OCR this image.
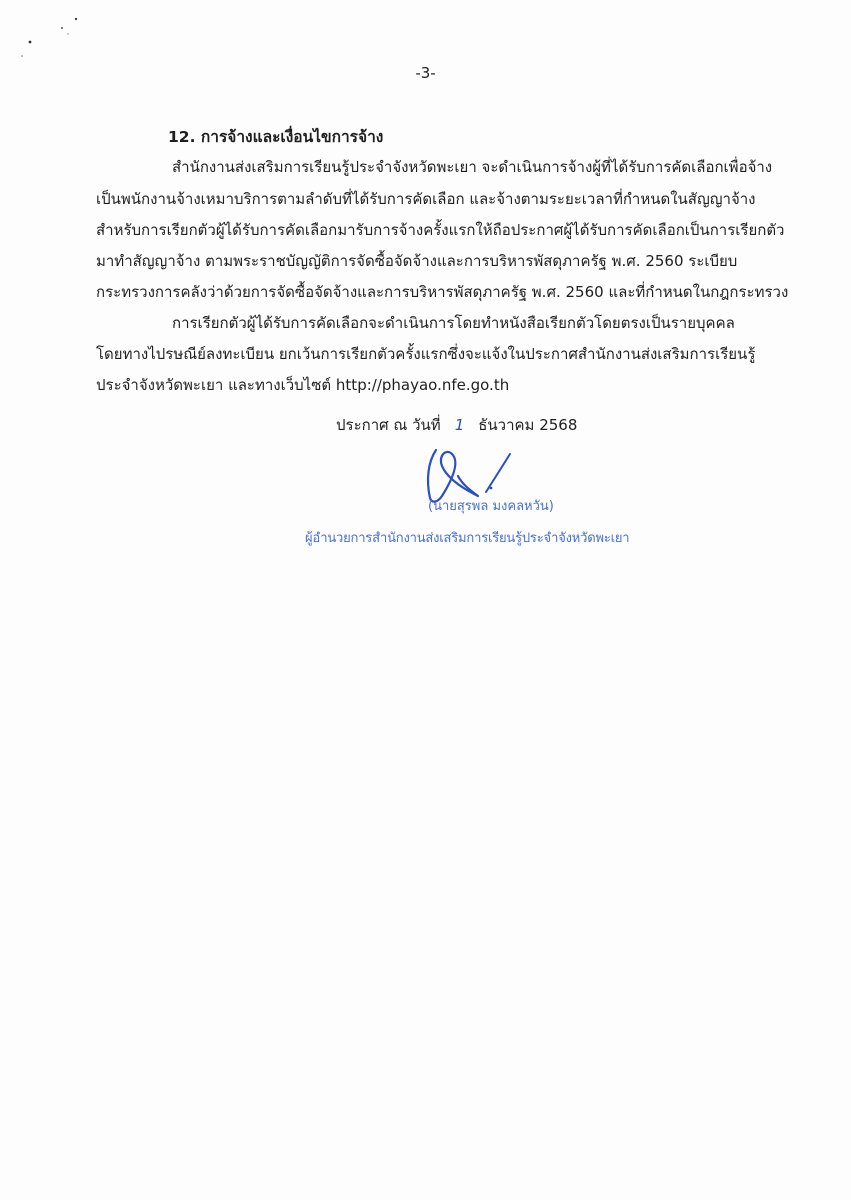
-3-
12. การจ้างและเงื่อนไขการจ้าง
สำนักงานส่งเสริมการเรียนรู้ประจำจังหวัดพะเยา จะดำเนินการจ้างผู้ที่ได้รับการคัดเลือกเพื่อจ้าง
เป็นพนักงานจ้างเหมาบริการตามลำดับที่ได้รับการคัดเลือก และจ้างตามระยะเวลาที่กำหนดในสัญญาจ้าง
สำหรับการเรียกตัวผู้ได้รับการคัดเลือกมารับการจ้างครั้งแรกให้ถือประกาศผู้ได้รับการคัดเลือกเป็นการเรียกตัว
มาทำสัญญาจ้าง ตามพระราชบัญญัติการจัดซื้อจัดจ้างและการบริหารพัสดุภาครัฐ พ.ศ. 2560 ระเบียบ
กระทรวงการคลังว่าด้วยการจัดซื้อจัดจ้างและการบริหารพัสดุภาครัฐ พ.ศ. 2560 และที่กำหนดในกฎกระทรวง
การเรียกตัวผู้ได้รับการคัดเลือกจะดำเนินการโดยทำหนังสือเรียกตัวโดยตรงเป็นรายบุคคล
โดยทางไปรษณีย์ลงทะเบียน ยกเว้นการเรียกตัวครั้งแรกซึ่งจะแจ้งในประกาศสำนักงานส่งเสริมการเรียนรู้
ประจำจังหวัดพะเยา และทางเว็บไซต์ http://phayao.nfe.go.th
ประกาศ ณ วันที่ 1 ธันวาคม 2568
(นายสุรพล มงคลหวัน)
ผู้อำนวยการสำนักงานส่งเสริมการเรียนรู้ประจำจังหวัดพะเยา
